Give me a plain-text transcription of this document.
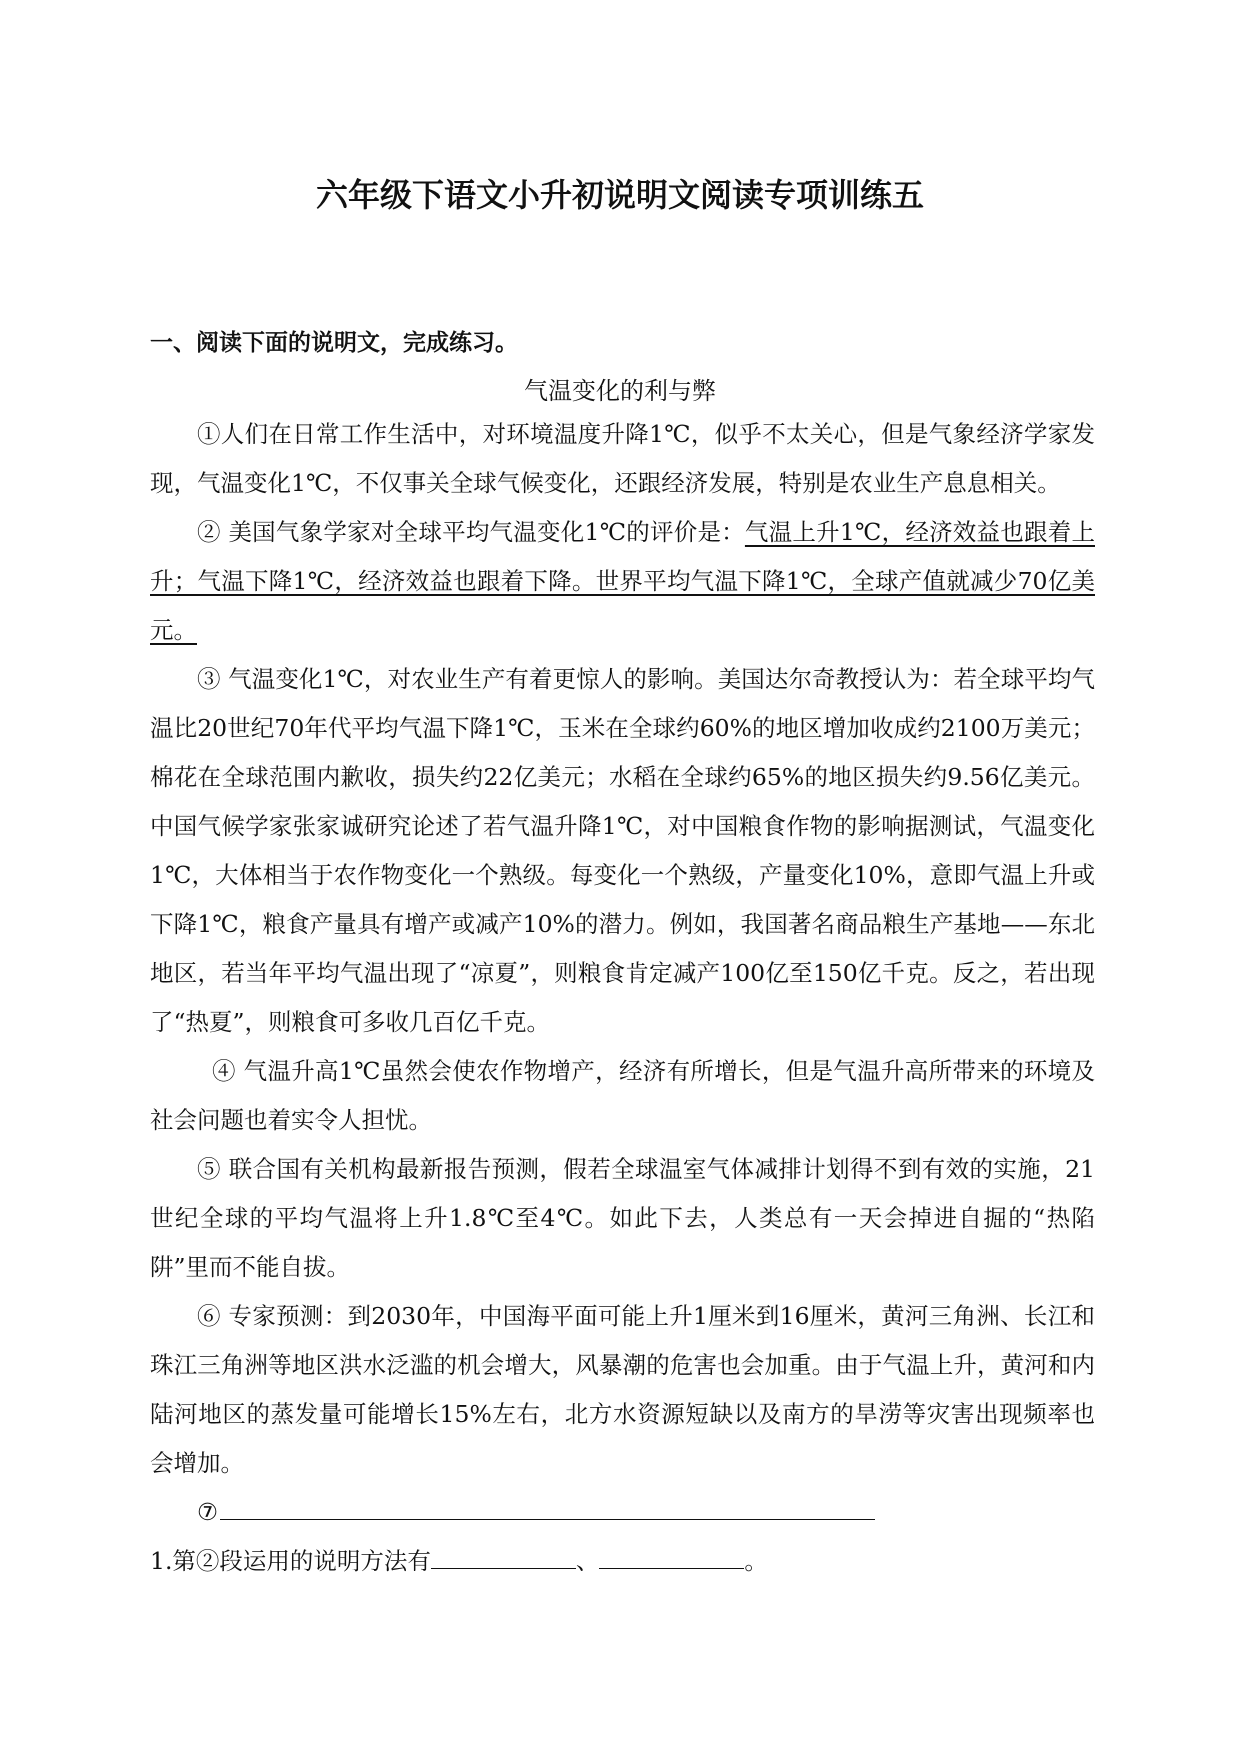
六年级下语文小升初说明文阅读专项训练五
一、阅读下面的说明文，完成练习。
气温变化的利与弊

①人们在日常工作生活中，对环境温度升降1℃，似乎不太关心，但是气象经济学家发现，气温变化1℃，不仅事关全球气候变化，还跟经济发展，特别是农业生产息息相关。

② 美国气象学家对全球平均气温变化1℃的评价是：气温上升1℃，经济效益也跟着上升；气温下降1℃，经济效益也跟着下降。世界平均气温下降1℃，全球产值就减少70亿美元。

③ 气温变化1℃，对农业生产有着更惊人的影响。美国达尔奇教授认为：若全球平均气温比20世纪70年代平均气温下降1℃，玉米在全球约60%的地区增加收成约2100万美元；棉花在全球范围内歉收，损失约22亿美元；水稻在全球约65%的地区损失约9.56亿美元。中国气候学家张家诚研究论述了若气温升降1℃，对中国粮食作物的影响据测试，气温变化1℃，大体相当于农作物变化一个熟级。每变化一个熟级，产量变化10%，意即气温上升或下降1℃，粮食产量具有增产或减产10%的潜力。例如，我国著名商品粮生产基地——东北地区，若当年平均气温出现了“凉夏”，则粮食肯定减产100亿至150亿千克。反之，若出现了“热夏”，则粮食可多收几百亿千克。

④ 气温升高1℃虽然会使农作物增产，经济有所增长，但是气温升高所带来的环境及社会问题也着实令人担忧。

⑤ 联合国有关机构最新报告预测，假若全球温室气体减排计划得不到有效的实施，21世纪全球的平均气温将上升1.8℃至4℃。如此下去，人类总有一天会掉进自掘的“热陷阱”里而不能自拔。

⑥ 专家预测：到2030年，中国海平面可能上升1厘米到16厘米，黄河三角洲、长江和珠江三角洲等地区洪水泛滥的机会增大，风暴潮的危害也会加重。由于气温上升，黄河和内陆河地区的蒸发量可能增长15%左右，北方水资源短缺以及南方的旱涝等灾害出现频率也会增加。

⑦

1.第②段运用的说明方法有	、	。
